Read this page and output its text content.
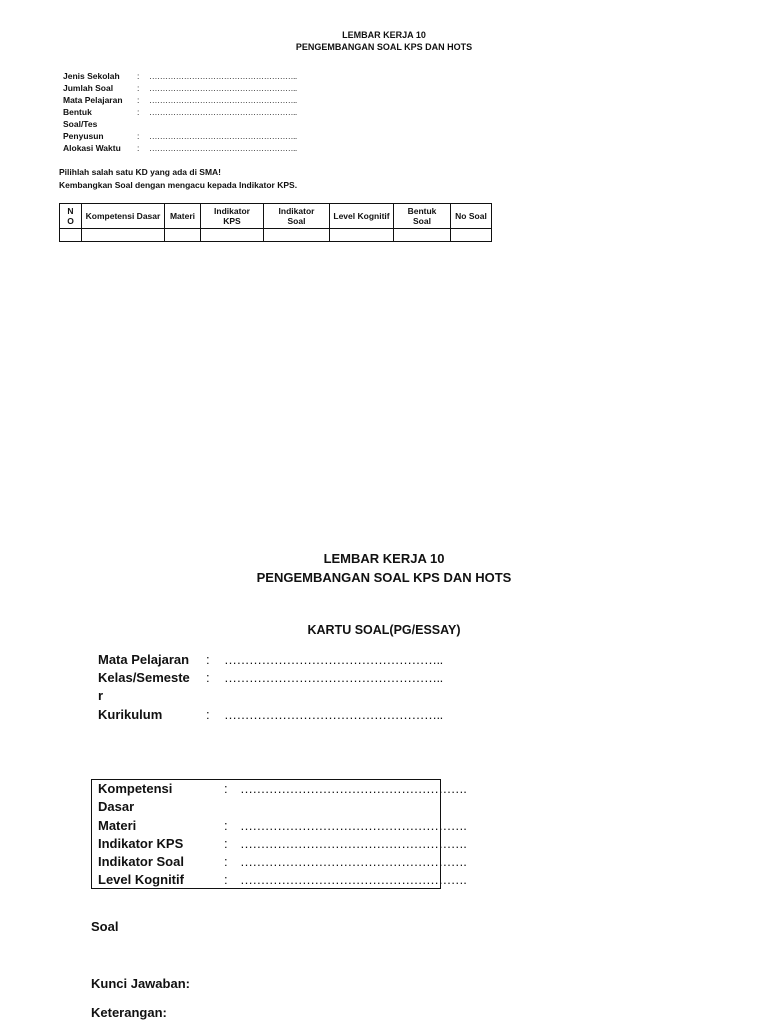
LEMBAR KERJA 10
PENGEMBANGAN SOAL KPS DAN HOTS
Jenis Sekolah	: ………………………………………………..
Jumlah Soal	: ………………………………………………..
Mata Pelajaran	: ………………………………………………..
Bentuk Soal/Tes
: ………………………………………………..
Penyusun	: ………………………………………………..
Alokasi Waktu	: ………………………………………………..
Pilihlah salah satu KD yang ada di SMA!
Kembangkan Soal dengan mengacu kepada Indikator KPS.
NO	Kompetensi Dasar	Materi	Indikator KPS	Indikator Soal	Level Kognitif	Bentuk Soal	No Soal

LEMBAR KERJA 10
PENGEMBANGAN SOAL KPS DAN HOTS
KARTU SOAL(PG/ESSAY)
Mata Pelajaran	: ……………………………………………..
Kelas/Semester
: ……………………………………………..
Kurikulum	: ……………………………………………..
Kompetensi Dasar
: ……………………………………………….
Materi	: ……………………………………………….
Indikator KPS	: ……………………………………………….
Indikator Soal	: ……………………………………………….
Level Kognitif	: ……………………………………………….
Soal
Kunci Jawaban:
Keterangan:
